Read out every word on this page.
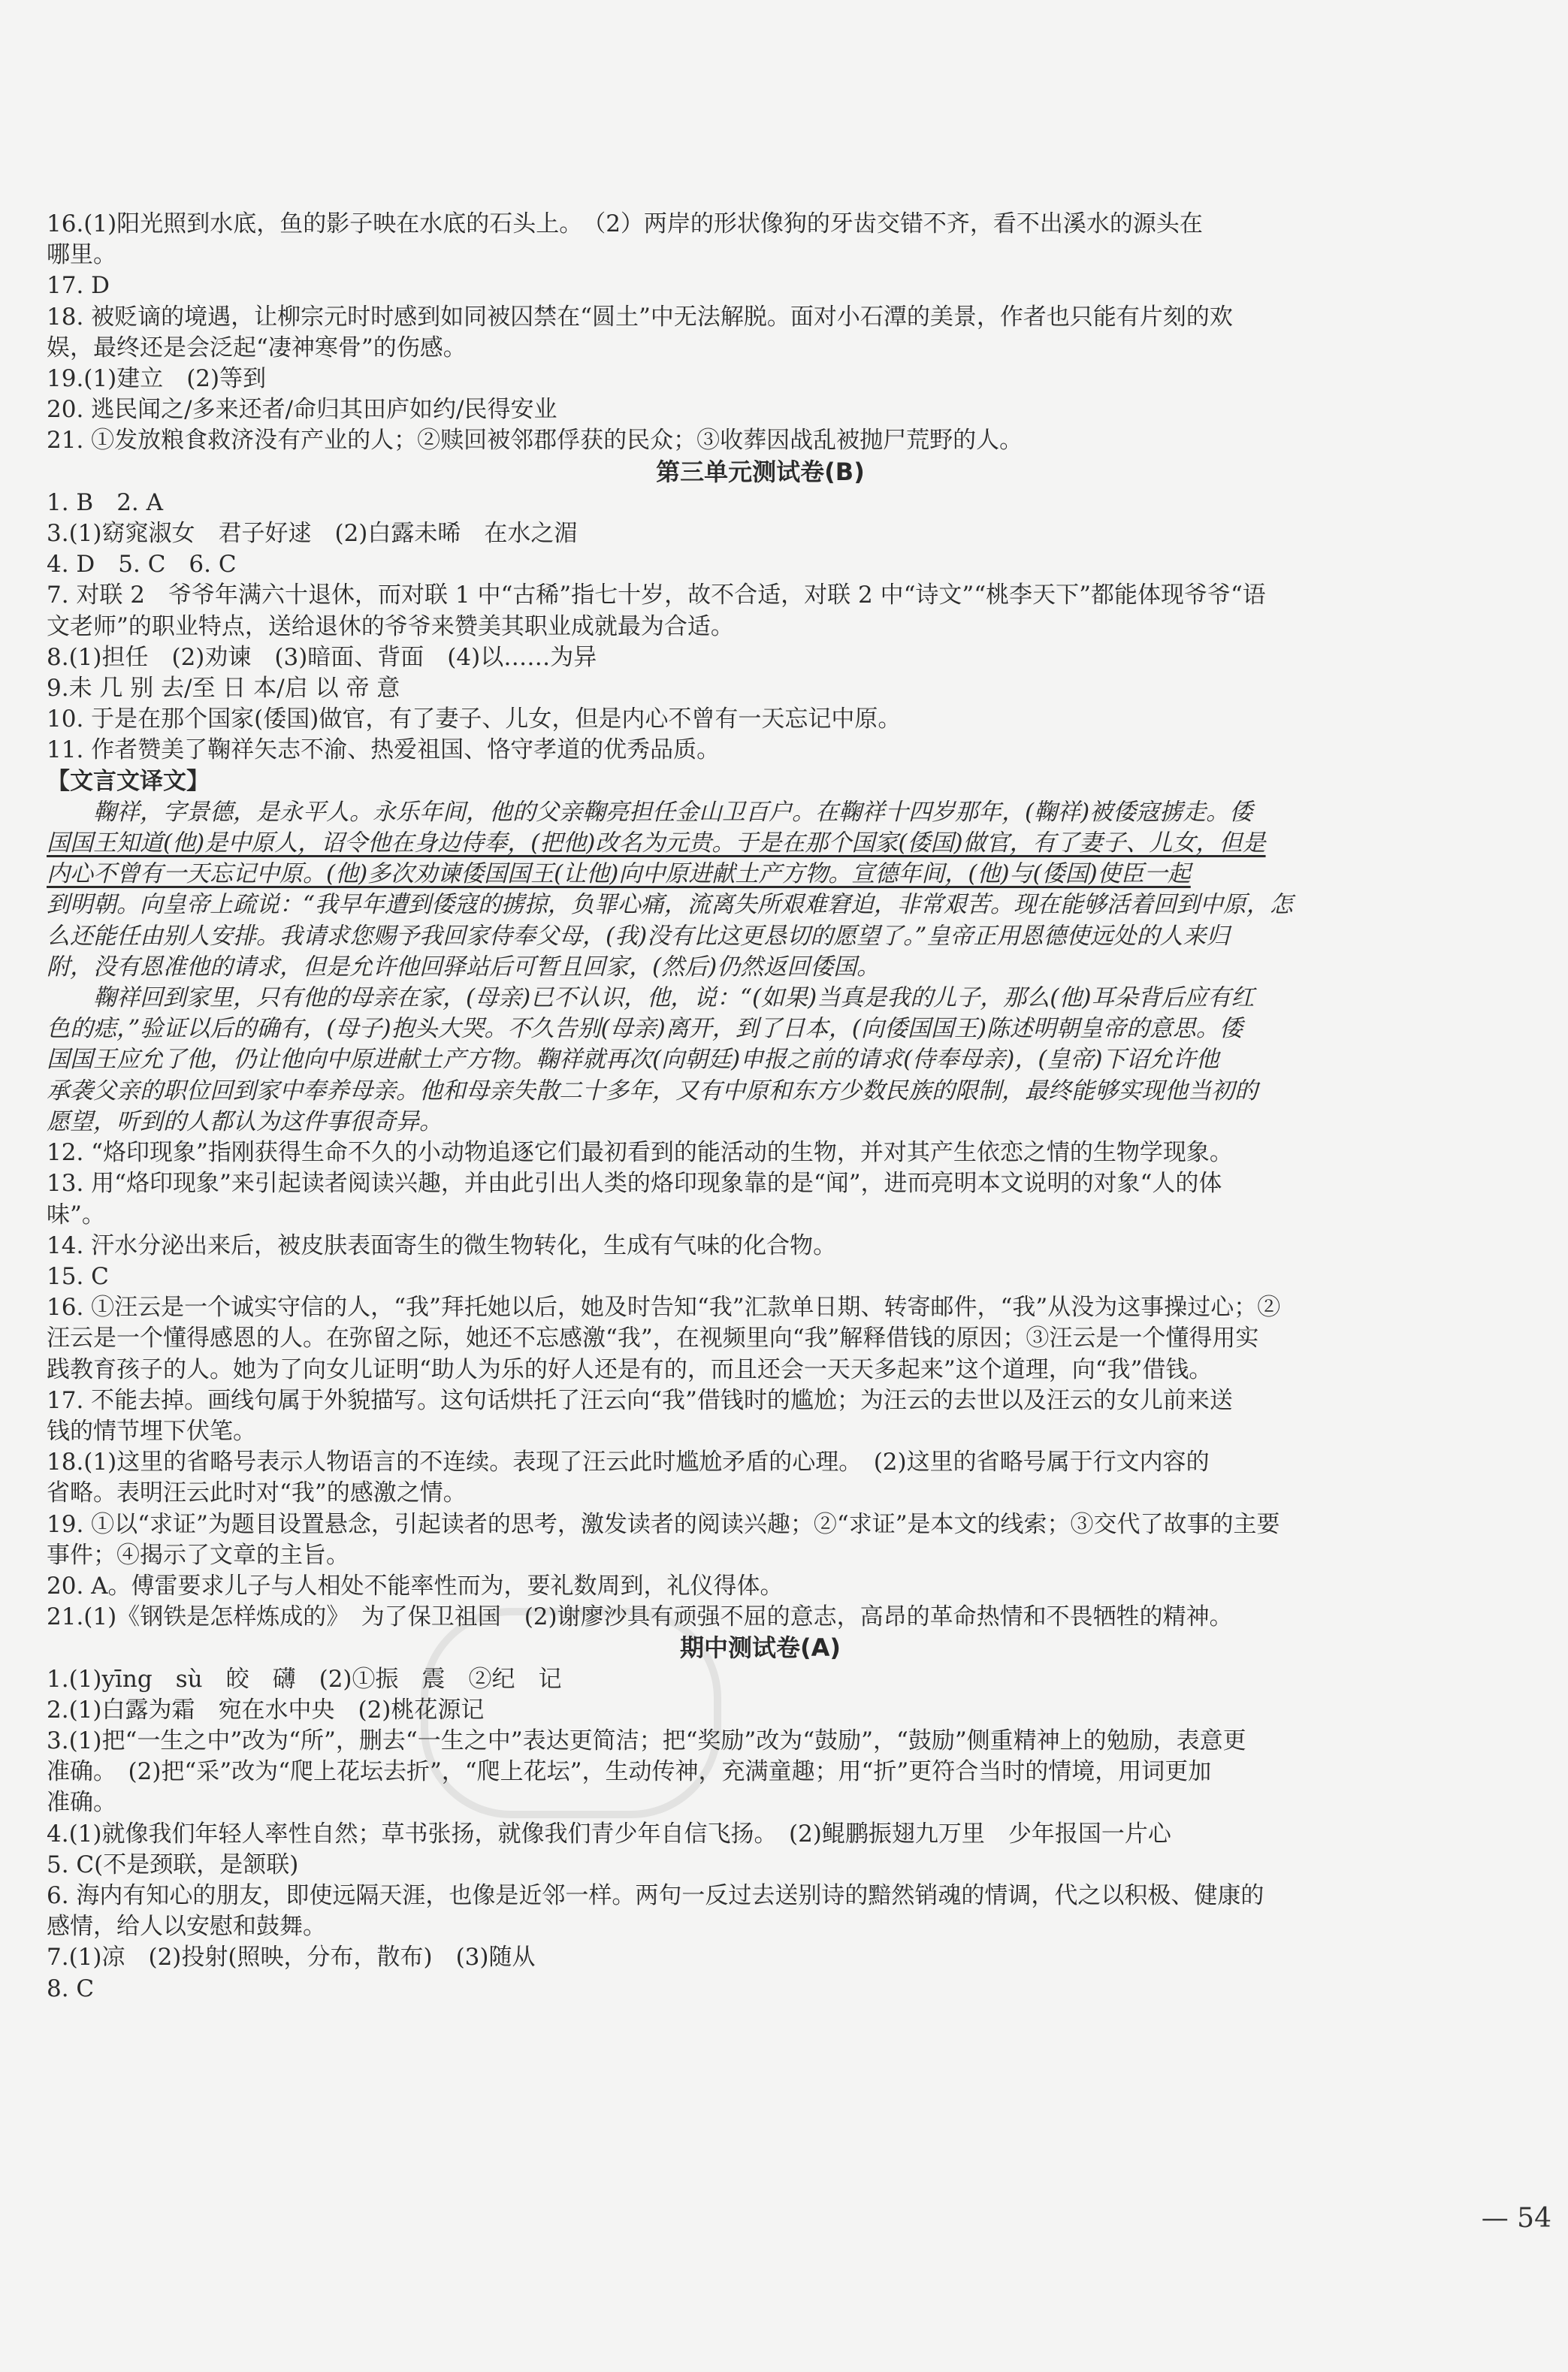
16.(1)阳光照到水底，鱼的影子映在水底的石头上。　（2）两岸的形状像狗的牙齿交错不齐，看不出溪水的源头在

哪里。

17. D

18. 被贬谪的境遇，让柳宗元时时感到如同被囚禁在“圆土”中无法解脱。面对小石潭的美景，作者也只能有片刻的欢

娱，最终还是会泛起“凄神寒骨”的伤感。

19.(1)建立　(2)等到

20. 逃民闻之/多来还者/命归其田庐如约/民得安业

21. ①发放粮食救济没有产业的人；②赎回被邻郡俘获的民众；③收葬因战乱被抛尸荒野的人。

第三单元测试卷(B)

1. B　2. A

3.(1)窈窕淑女　君子好逑　(2)白露未晞　在水之湄

4. D　5. C　6. C

7. 对联 2　爷爷年满六十退休，而对联 1 中“古稀”指七十岁，故不合适，对联 2 中“诗文”“桃李天下”都能体现爷爷“语

文老师”的职业特点，送给退休的爷爷来赞美其职业成就最为合适。

8.(1)担任　(2)劝谏　(3)暗面、背面　(4)以……为异

9.未 几 别 去/至 日 本/启 以 帝 意

10. 于是在那个国家(倭国)做官，有了妻子、儿女，但是内心不曾有一天忘记中原。

11. 作者赞美了鞠祥矢志不渝、热爱祖国、恪守孝道的优秀品质。

【文言文译文】

鞠祥，字景德，是永平人。永乐年间，他的父亲鞠亮担任金山卫百户。在鞠祥十四岁那年，(鞠祥)被倭寇掳走。倭

国国王知道(他)是中原人，诏令他在身边侍奉，(把他)改名为元贵。于是在那个国家(倭国)做官，有了妻子、儿女，但是

内心不曾有一天忘记中原。(他)多次劝谏倭国国王(让他)向中原进献土产方物。宣德年间，(他)与(倭国)使臣一起

到明朝。向皇帝上疏说：“我早年遭到倭寇的掳掠，负罪心痛，流离失所艰难窘迫，非常艰苦。现在能够活着回到中原，怎

么还能任由别人安排。我请求您赐予我回家侍奉父母，(我)没有比这更恳切的愿望了。”皇帝正用恩德使远处的人来归

附，没有恩准他的请求，但是允许他回驿站后可暂且回家，(然后)仍然返回倭国。

鞠祥回到家里，只有他的母亲在家，(母亲)已不认识，他，说：“(如果)当真是我的儿子，那么(他)耳朵背后应有红

色的痣，”验证以后的确有，(母子)抱头大哭。不久告别(母亲)离开，到了日本，(向倭国国王)陈述明朝皇帝的意思。倭

国国王应允了他，仍让他向中原进献土产方物。鞠祥就再次(向朝廷)申报之前的请求(侍奉母亲)，(皇帝)下诏允许他

承袭父亲的职位回到家中奉养母亲。他和母亲失散二十多年，又有中原和东方少数民族的限制，最终能够实现他当初的

愿望，听到的人都认为这件事很奇异。

12. “烙印现象”指刚获得生命不久的小动物追逐它们最初看到的能活动的生物，并对其产生依恋之情的生物学现象。

13. 用“烙印现象”来引起读者阅读兴趣，并由此引出人类的烙印现象靠的是“闻”，进而亮明本文说明的对象“人的体

味”。

14. 汗水分泌出来后，被皮肤表面寄生的微生物转化，生成有气味的化合物。

15. C

16. ①汪云是一个诚实守信的人，“我”拜托她以后，她及时告知“我”汇款单日期、转寄邮件，“我”从没为这事操过心；②

汪云是一个懂得感恩的人。在弥留之际，她还不忘感激“我”，在视频里向“我”解释借钱的原因；③汪云是一个懂得用实

践教育孩子的人。她为了向女儿证明“助人为乐的好人还是有的，而且还会一天天多起来”这个道理，向“我”借钱。

17. 不能去掉。画线句属于外貌描写。这句话烘托了汪云向“我”借钱时的尴尬；为汪云的去世以及汪云的女儿前来送

钱的情节埋下伏笔。

18.(1)这里的省略号表示人物语言的不连续。表现了汪云此时尴尬矛盾的心理。　(2)这里的省略号属于行文内容的

省略。表明汪云此时对“我”的感激之情。

19. ①以“求证”为题目设置悬念，引起读者的思考，激发读者的阅读兴趣；②“求证”是本文的线索；③交代了故事的主要

事件；④揭示了文章的主旨。

20. A。傅雷要求儿子与人相处不能率性而为，要礼数周到，礼仪得体。

21.(1)《钢铁是怎样炼成的》　为了保卫祖国　(2)谢廖沙具有顽强不屈的意志，高昂的革命热情和不畏牺牲的精神。

期中测试卷(A)

1.(1)yīng　sù　皎　礴　(2)①振　震　②纪　记

2.(1)白露为霜　宛在水中央　(2)桃花源记

3.(1)把“一生之中”改为“所”，删去“一生之中”表达更简洁；把“奖励”改为“鼓励”，“鼓励”侧重精神上的勉励，表意更

准确。　(2)把“采”改为“爬上花坛去折”，“爬上花坛”，生动传神，充满童趣；用“折”更符合当时的情境，用词更加

准确。

4.(1)就像我们年轻人率性自然；草书张扬，就像我们青少年自信飞扬。　(2)鲲鹏振翅九万里　少年报国一片心

5. C(不是颈联，是颔联)

6. 海内有知心的朋友，即使远隔天涯，也像是近邻一样。两句一反过去送别诗的黯然销魂的情调，代之以积极、健康的

感情，给人以安慰和鼓舞。

7.(1)凉　(2)投射(照映，分布，散布)　(3)随从

8. C

— 54
